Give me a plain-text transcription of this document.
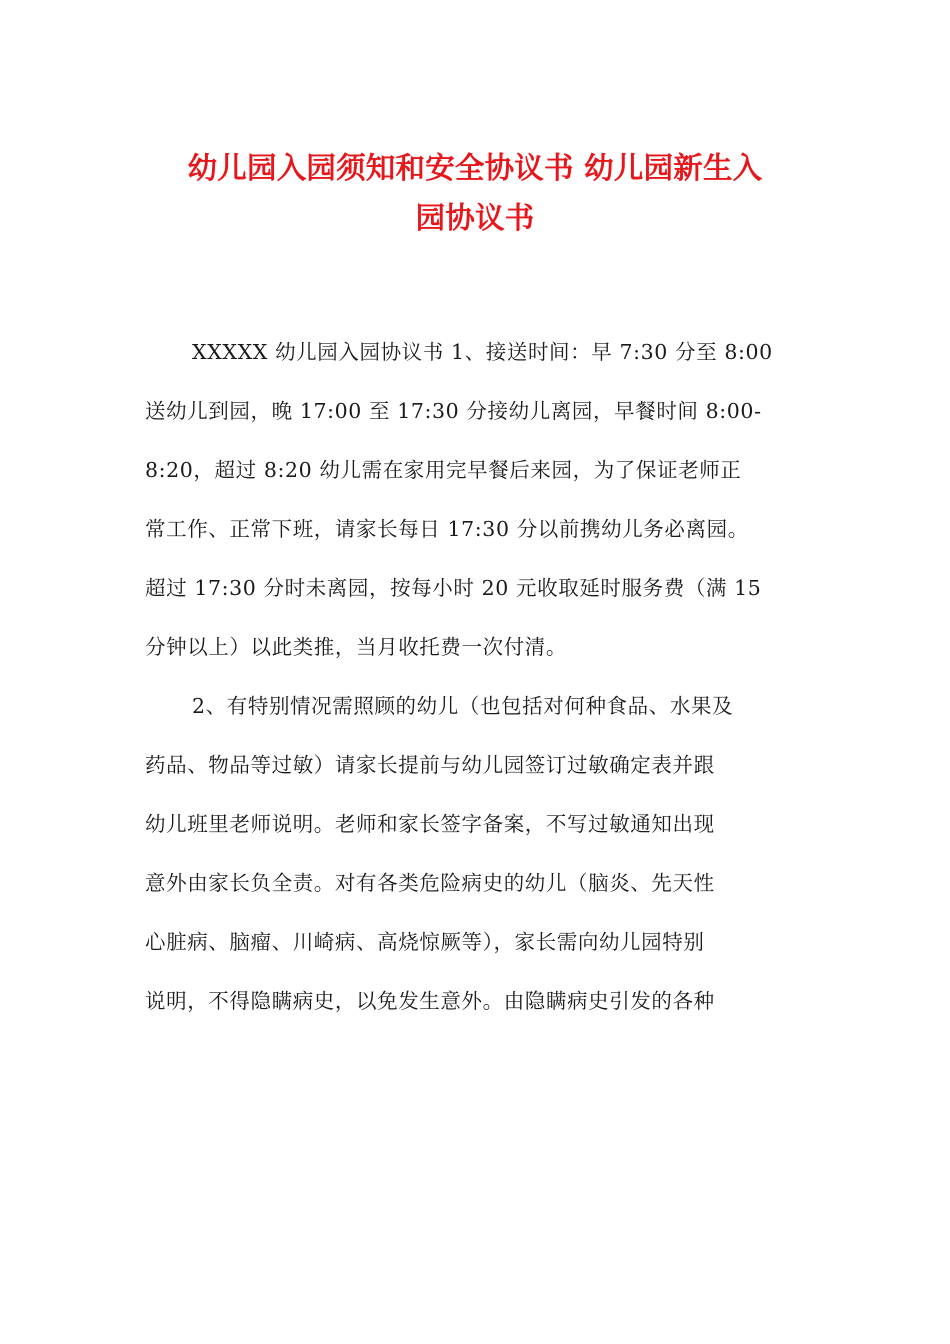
幼儿园入园须知和安全协议书 幼儿园新生入
园协议书
XXXXX 幼儿园入园协议书 1、接送时间：早 7:30 分至 8:00
送幼儿到园，晚 17:00 至 17:30 分接幼儿离园，早餐时间 8:00-
8:20，超过 8:20 幼儿需在家用完早餐后来园，为了保证老师正
常工作、正常下班，请家长每日 17:30 分以前携幼儿务必离园。
超过 17:30 分时未离园，按每小时 20 元收取延时服务费（满 15
分钟以上）以此类推，当月收托费一次付清。
2、有特别情况需照顾的幼儿（也包括对何种食品、水果及
药品、物品等过敏）请家长提前与幼儿园签订过敏确定表并跟
幼儿班里老师说明。老师和家长签字备案，不写过敏通知出现
意外由家长负全责。对有各类危险病史的幼儿（脑炎、先天性
心脏病、脑瘤、川崎病、高烧惊厥等），家长需向幼儿园特别
说明，不得隐瞒病史，以免发生意外。由隐瞒病史引发的各种
